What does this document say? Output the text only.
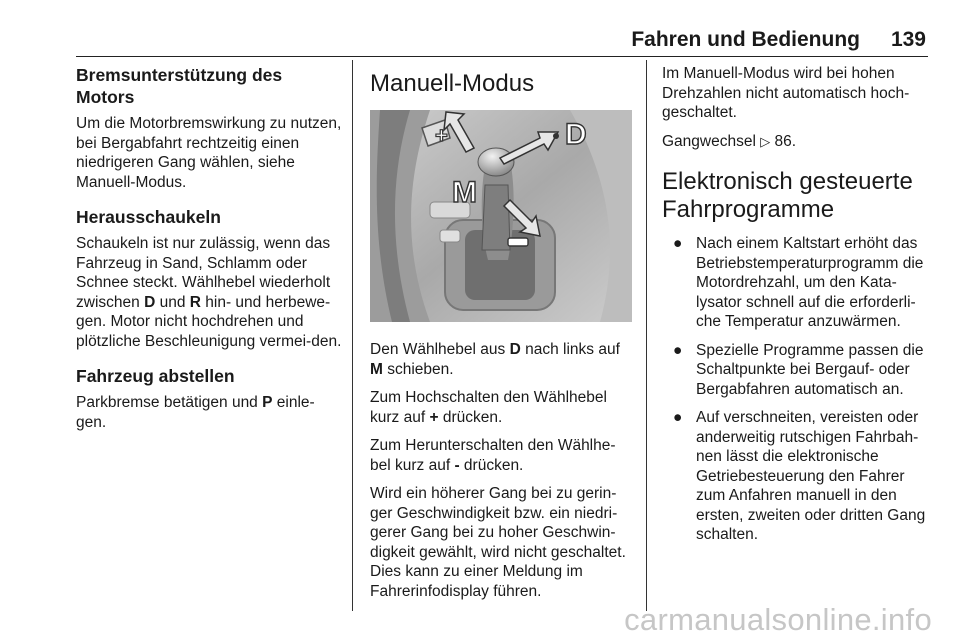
Fahren und Bedienung	139
Bremsunterstützung des Motors

Um die Motorbremswirkung zu nutzen, bei Bergabfahrt rechtzeitig einen niedrigeren Gang wählen, siehe Manuell-Modus.

Herausschaukeln

Schaukeln ist nur zulässig, wenn das Fahrzeug in Sand, Schlamm oder Schnee steckt. Wählhebel wiederholt zwischen D und R hin- und herbewe-gen. Motor nicht hochdrehen und plötzliche Beschleunigung vermei-den.

Fahrzeug abstellen

Parkbremse betätigen und P einle-gen.

Manuell-Modus
+	D
M

Den Wählhebel aus D nach links auf M schieben.

Zum Hochschalten den Wählhebel kurz auf + drücken.

Zum Herunterschalten den Wählhe-bel kurz auf - drücken.

Wird ein höherer Gang bei zu gerin-ger Geschwindigkeit bzw. ein niedri-gerer Gang bei zu hoher Geschwin-digkeit gewählt, wird nicht geschaltet. Dies kann zu einer Meldung im Fahrerinfodisplay führen.

Im Manuell-Modus wird bei hohen Drehzahlen nicht automatisch hoch-geschaltet.

Gangwechsel ▷ 86.

Elektronisch gesteuerte
Fahrprogramme
● Nach einem Kaltstart erhöht das Betriebstemperaturprogramm die Motordrehzahl, um den Kata-lysator schnell auf die erforderli-che Temperatur anzuwärmen.
● Spezielle Programme passen die Schaltpunkte bei Bergauf- oder Bergabfahren automatisch an.
● Auf verschneiten, vereisten oder anderweitig rutschigen Fahrbah-nen lässt die elektronische Getriebesteuerung den Fahrer zum Anfahren manuell in den ersten, zweiten oder dritten Gang schalten.
carmanualsonline.info
